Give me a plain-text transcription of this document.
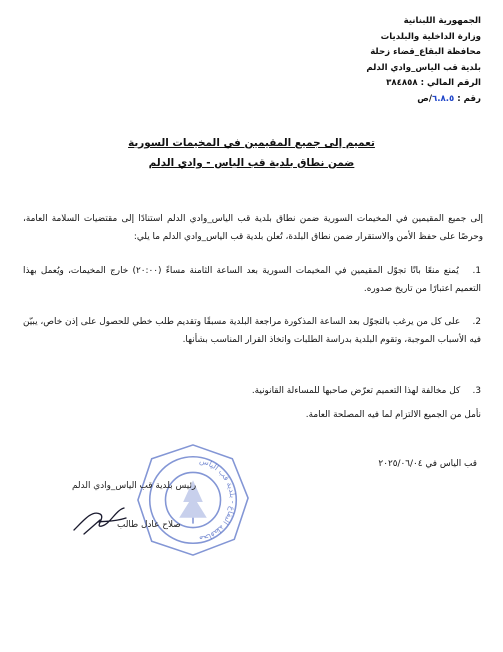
الجمهورية اللبنانية
وزارة الداخلية والبلديات
محافظة البقاع_قضاء زحلة
بلدية قب الياس_وادي الدلم
الرقم المالي : ٣٨٤٨٥٨
رقم : ٦.٨.٥/ص
تعميم إلى جميع المقيمين في المخيمات السورية
ضمن نطاق بلدية قب الياس - وادي الدلم
إلى جميع المقيمين في المخيمات السورية ضمن نطاق بلدية قب الياس_وادي الدلم استنادًا إلى مقتضيات السلامة العامة، وحرصًا على حفظ الأمن والاستقرار ضمن نطاق البلدة، تُعلن بلدية قب الياس_وادي الدلم ما يلي:
1. يُمنع منعًا باتًا تجوّل المقيمين في المخيمات السورية بعد الساعة الثامنة مساءً (٢٠:٠٠) خارج المخيمات، ويُعمل بهذا التعميم اعتبارًا من تاريخ صدوره.
2. على كل من يرغب بالتجوّل بعد الساعة المذكورة مراجعة البلدية مسبقًا وتقديم طلب خطي للحصول على إذن خاص، يبيّن فيه الأسباب الموجبة، وتقوم البلدية بدراسة الطلبات واتخاذ القرار المناسب بشأنها.
3. كل مخالفة لهذا التعميم تعرّض صاحبها للمساءلة القانونية.
نأمل من الجميع الالتزام لما فيه المصلحة العامة.
قب الياس في ٢٠٢٥/٠٦/٠٤
محافظة البقاع - بلدية قب الياس
رئيس بلدية قب الياس_وادي الدلم
صلاح عادل طالب
